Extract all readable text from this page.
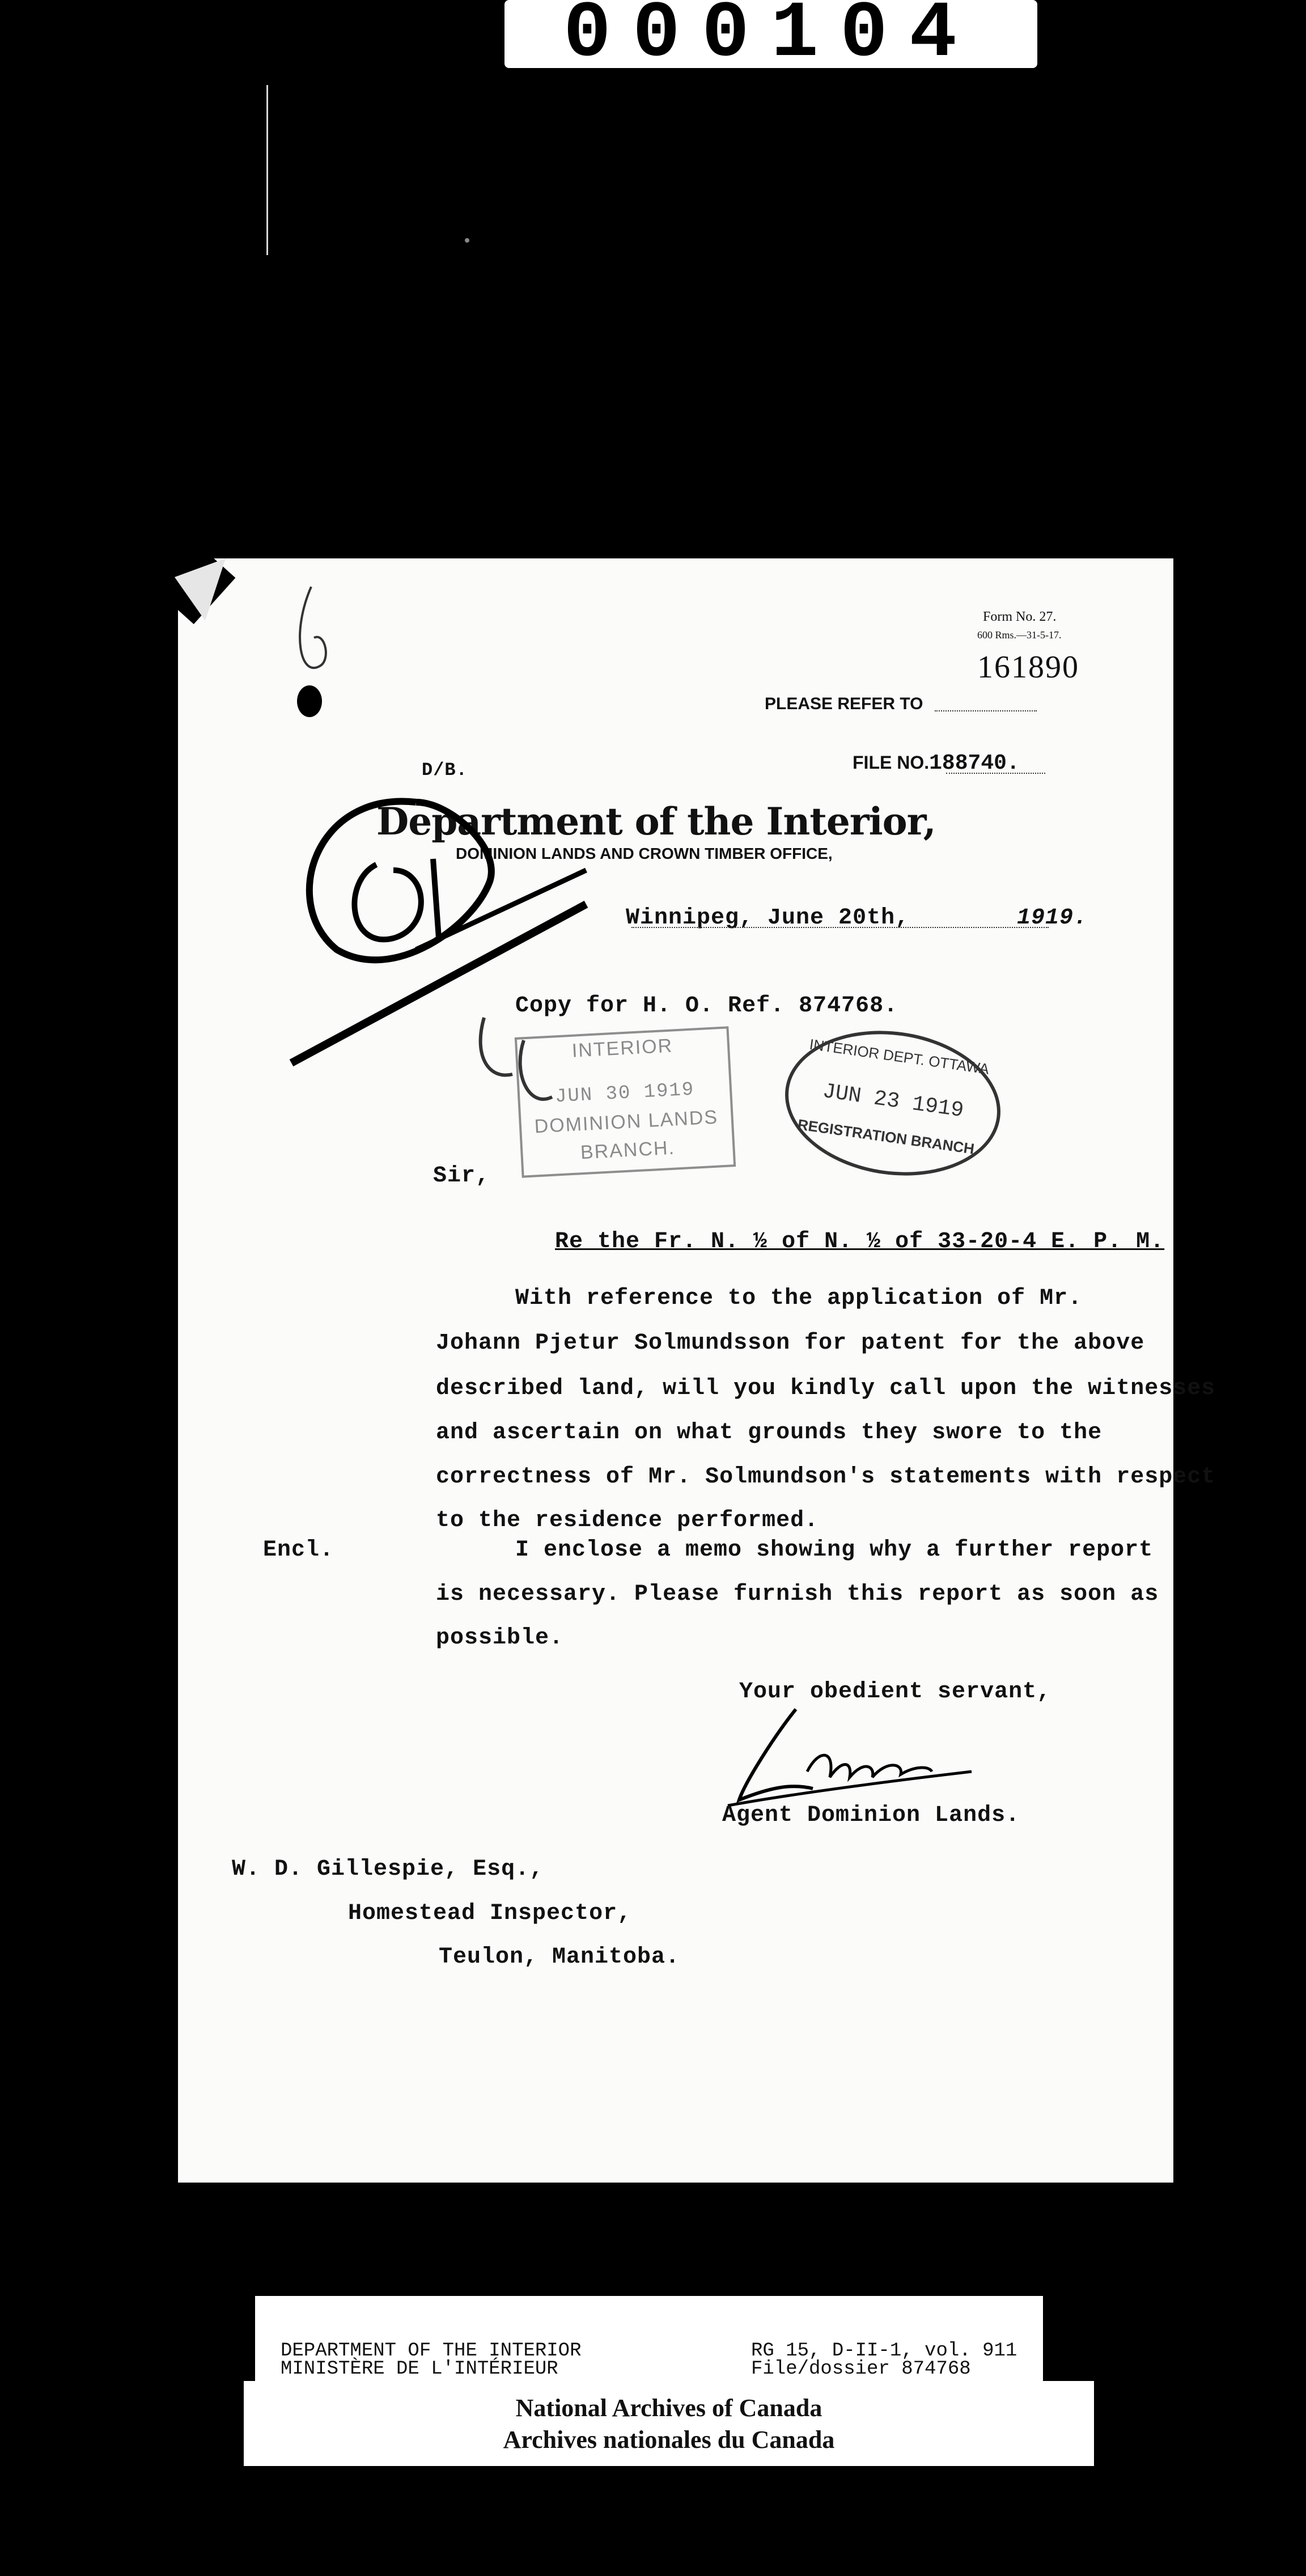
000104
Form No. 27.
600 Rms.—31-5-17.
161890
PLEASE REFER TO
D/B.	FILE NO.188740.
Department of the Interior,
DOMINION LANDS AND CROWN TIMBER OFFICE,
Winnipeg, June 20th,	1919.
Copy for H. O. Ref. 874768.
INTERIOR
JUN 30 1919
DOMINION LANDS
BRANCH.
INTERIOR DEPT. OTTAWA
JUN 23 1919
REGISTRATION BRANCH.
Sir,
Re the Fr. N. ½ of N. ½ of 33-20-4 E. P. M.
With reference to the application of Mr.
Johann Pjetur Solmundsson for patent for the above
described land, will you kindly call upon the witnesses
and ascertain on what grounds they swore to the
correctness of Mr. Solmundson's statements with respect
to the residence performed.
Encl.	I enclose a memo showing why a further report
is necessary. Please furnish this report as soon as
possible.
Your obedient servant,
Agent Dominion Lands.
W. D. Gillespie, Esq.,
Homestead Inspector,
Teulon, Manitoba.
DEPARTMENT OF THE INTERIOR
MINISTÈRE DE L'INTÉRIEUR
RG 15, D-II-1, vol. 911
File/dossier 874768
National Archives of Canada
Archives nationales du Canada
